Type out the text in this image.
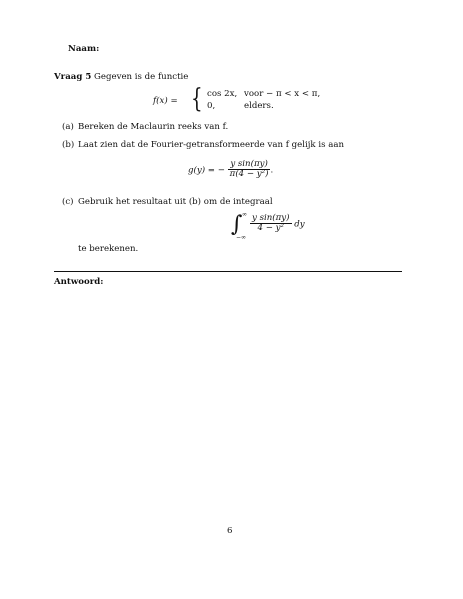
Naam:
Vraag 5 Gegeven is de functie
f(x) = { cos 2x, voor − π < x < π,
0,	elders.
(a) Bereken de Maclaurin reeks van f.
(b) Laat zien dat de Fourier-getransformeerde van f gelijk is aan
g(y) = − $\frac{\text{y sin(πy)}}{\text{π(4 − y²)}}$ .
(c) Gebruik het resultaat uit (b) om de integraal
∫ ∞
−∞
$\frac{\text{y sin(πy)}}{\text{4 − y²}}$ dy
te berekenen.
Antwoord:
6
